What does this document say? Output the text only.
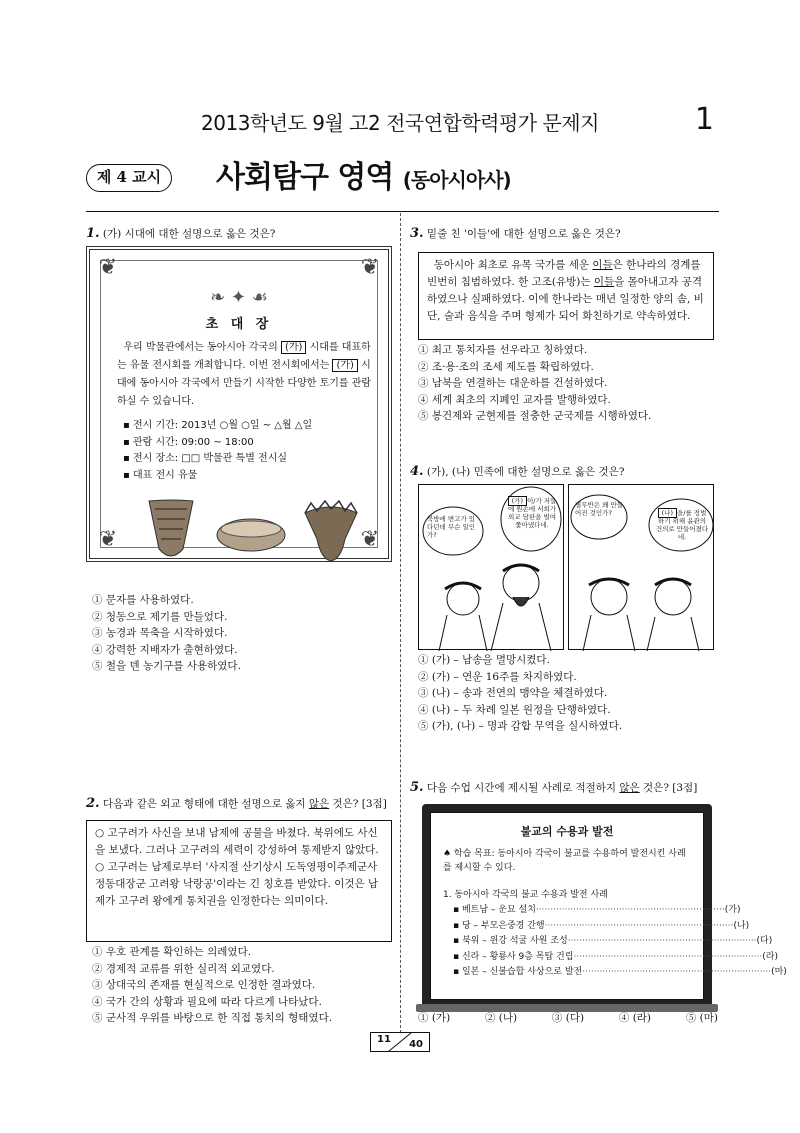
2013학년도 9월 고2 전국연합학력평가 문제지	1
제 4 교시	사회탐구 영역 (동아시아사)
1. (가) 시대에 대한 설명으로 옳은 것은?
❦	❦
❦	❦
❧ ✦ ☙
초 대 장
우리 박물관에서는 동아시아 각국의 (가) 시대를 대표하는 유물 전시회를 개최합니다. 이번 전시회에서는 (가) 시대에 동아시아 각국에서 만들기 시작한 다양한 토기를 관람하실 수 있습니다.
▪ 전시 기간: 2013년 ○월 ○일 ~ △월 △일
▪ 관람 시간: 09:00 ~ 18:00
▪ 전시 장소: □□ 박물관 특별 전시실
▪ 대표 전시 유물
① 문자를 사용하였다.
② 청동으로 제기를 만들었다.
③ 농경과 목축을 시작하였다.
④ 강력한 지배자가 출현하였다.
⑤ 철을 덴 농기구를 사용하였다.
2. 다음과 같은 외교 형태에 대한 설명으로 옳지 않은 것은? [3점]
○ 고구려가 사신을 보내 남제에 공물을 바쳤다. 북위에도 사신을 보냈다. 그러나 고구려의 세력이 강성하여 통제받지 않았다.
○ 고구려는 남제로부터 '사지절 산기상시 도독영평이주제군사 정동대장군 고려왕 낙랑공'이라는 긴 칭호를 받았다. 이것은 남제가 고구려 왕에게 통치권을 인정한다는 의미이다.
① 우호 관계를 확인하는 의례였다.
② 경제적 교류를 위한 실리적 외교였다.
③ 상대국의 존재를 현실적으로 인정한 결과였다.
④ 국가 간의 상황과 필요에 따라 다르게 나타났다.
⑤ 군사적 우위를 바탕으로 한 직접 통치의 형태였다.
3. 밑줄 친 '이들'에 대한 설명으로 옳은 것은?
동아시아 최초로 유목 국가를 세운 이들은 한나라의 경계를 빈번히 침범하였다. 한 고조(유방)는 이들을 몰아내고자 공격하였으나 실패하였다. 이에 한나라는 매년 일정한 양의 솜, 비단, 술과 음식을 주며 형제가 되어 화친하기로 약속하였다.
① 최고 통치자를 선우라고 칭하였다.
② 조·용·조의 조세 제도를 확립하였다.
③ 남북을 연결하는 대운하를 건설하였다.
④ 세계 최초의 지폐인 교자를 발행하였다.
⑤ 봉건제와 군현제를 절충한 군국제를 시행하였다.
4. (가), (나) 민족에 대한 설명으로 옳은 것은?
북방에 변고가 있다던데 무슨 일인가?
(가) 이/가 저들에 원손에 서희가 외교 담판을 벌여 쫓아냈다네.
별무반은 왜 만들어진 것인가?	(나) 을/를 정벌하기 위해 윤관의 건의로 만들어졌다네.
① (가) – 남송을 멸망시켰다.
② (가) – 연운 16주를 차지하였다.
③ (나) – 송과 전연의 맹약을 체결하였다.
④ (나) – 두 차례 일본 원정을 단행하였다.
⑤ (가), (나) – 명과 감합 무역을 실시하였다.
5. 다음 수업 시간에 제시될 사례로 적절하지 않은 것은? [3점]
불교의 수용과 발전
♠ 학습 목표: 동아시아 각국이 불교를 수용하여 발전시킨 사례를 제시할 수 있다.
1. 동아시아 각국의 불교 수용과 발전 사례
▪ 베트남 – 운묘 설치 ·································································· (가)
▪ 당 – 부모은중경 간행 ·································································· (나)
▪ 북위 – 윈강 석굴 사원 조성 ·································································· (다)
▪ 신라 – 황룡사 9층 목탑 건립 ·································································· (라)
▪ 일본 – 신불습합 사상으로 발전 ·································································· (마)
① (가)	② (나)	③ (다)	④ (라)	⑤ (마)
11 40
